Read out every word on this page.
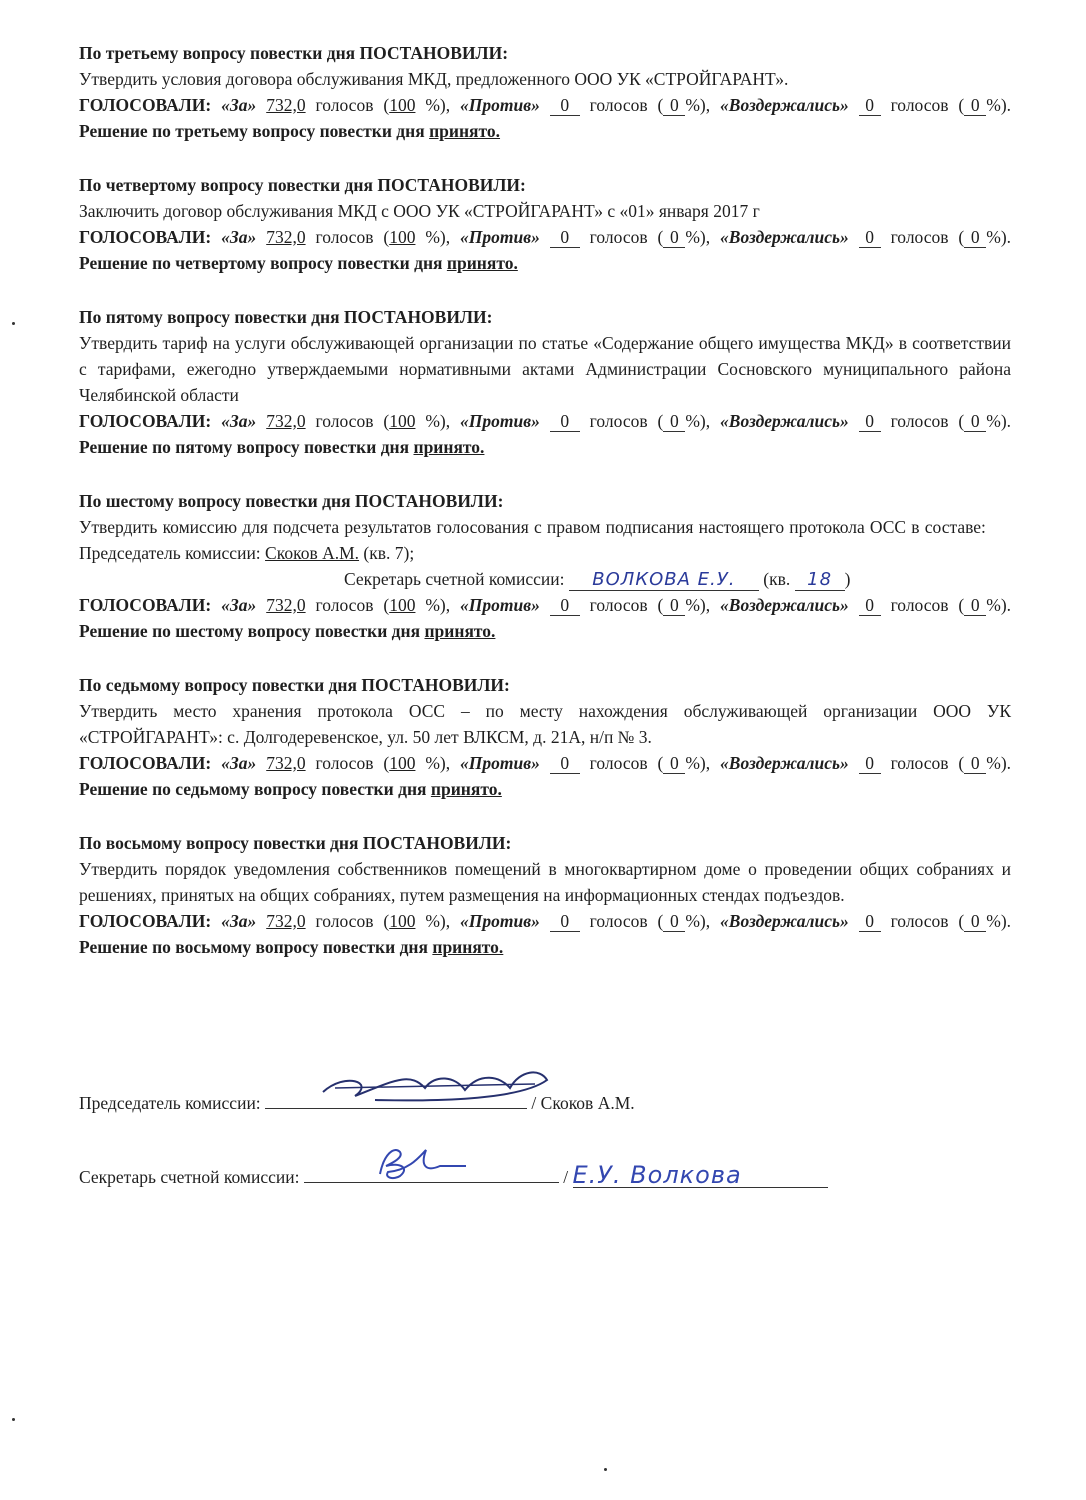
По третьему вопросу повестки дня ПОСТАНОВИЛИ:
Утвердить условия договора обслуживания МКД, предложенного ООО УК «СТРОЙГАРАНТ».
ГОЛОСОВАЛИ: «За» 732,0 голосов (100 %), «Против» 0 голосов ( 0 %), «Воздержались» 0 голосов ( 0 %). Решение по третьему вопросу повестки дня принято.
По четвертому вопросу повестки дня ПОСТАНОВИЛИ:
Заключить договор обслуживания МКД с ООО УК «СТРОЙГАРАНТ» с «01» января 2017 г
ГОЛОСОВАЛИ: «За» 732,0 голосов (100 %), «Против» 0 голосов ( 0 %), «Воздержались» 0 голосов ( 0 %). Решение по четвертому вопросу повестки дня принято.
По пятому вопросу повестки дня ПОСТАНОВИЛИ:
Утвердить тариф на услуги обслуживающей организации по статье «Содержание общего имущества МКД» в соответствии с тарифами, ежегодно утверждаемыми нормативными актами Администрации Сосновского муниципального района Челябинской области
ГОЛОСОВАЛИ: «За» 732,0 голосов (100 %), «Против» 0 голосов ( 0 %), «Воздержались» 0 голосов ( 0 %). Решение по пятому вопросу повестки дня принято.
По шестому вопросу повестки дня ПОСТАНОВИЛИ:
Утвердить комиссию для подсчета результатов голосования с правом подписания настоящего протокола ОСС в составе:      Председатель комиссии: Скоков А.М. (кв. 7);
Секретарь счетной комиссии: ВОЛКОВА Е.У. (кв. 18 )
ГОЛОСОВАЛИ: «За» 732,0 голосов (100 %), «Против» 0 голосов ( 0 %), «Воздержались» 0 голосов ( 0 %). Решение по шестому вопросу повестки дня принято.
По седьмому вопросу повестки дня ПОСТАНОВИЛИ:
Утвердить место хранения протокола ОСС – по месту нахождения обслуживающей организации ООО УК «СТРОЙГАРАНТ»: с. Долгодеревенское, ул. 50 лет ВЛКСМ, д. 21А, н/п № 3.
ГОЛОСОВАЛИ: «За» 732,0 голосов (100 %), «Против» 0 голосов ( 0 %), «Воздержались» 0 голосов ( 0 %). Решение по седьмому вопросу повестки дня принято.
По восьмому вопросу повестки дня ПОСТАНОВИЛИ:
Утвердить порядок уведомления собственников помещений в многоквартирном доме о проведении общих собраниях и решениях, принятых на общих собраниях, путем размещения на информационных стендах подъездов.
ГОЛОСОВАЛИ: «За» 732,0 голосов (100 %), «Против» 0 голосов ( 0 %), «Воздержались» 0 голосов ( 0 %). Решение по восьмому вопросу повестки дня принято.
Председатель комиссии:	/ Скоков А.М.
Секретарь счетной комиссии:	/ Е.У. Волкова
